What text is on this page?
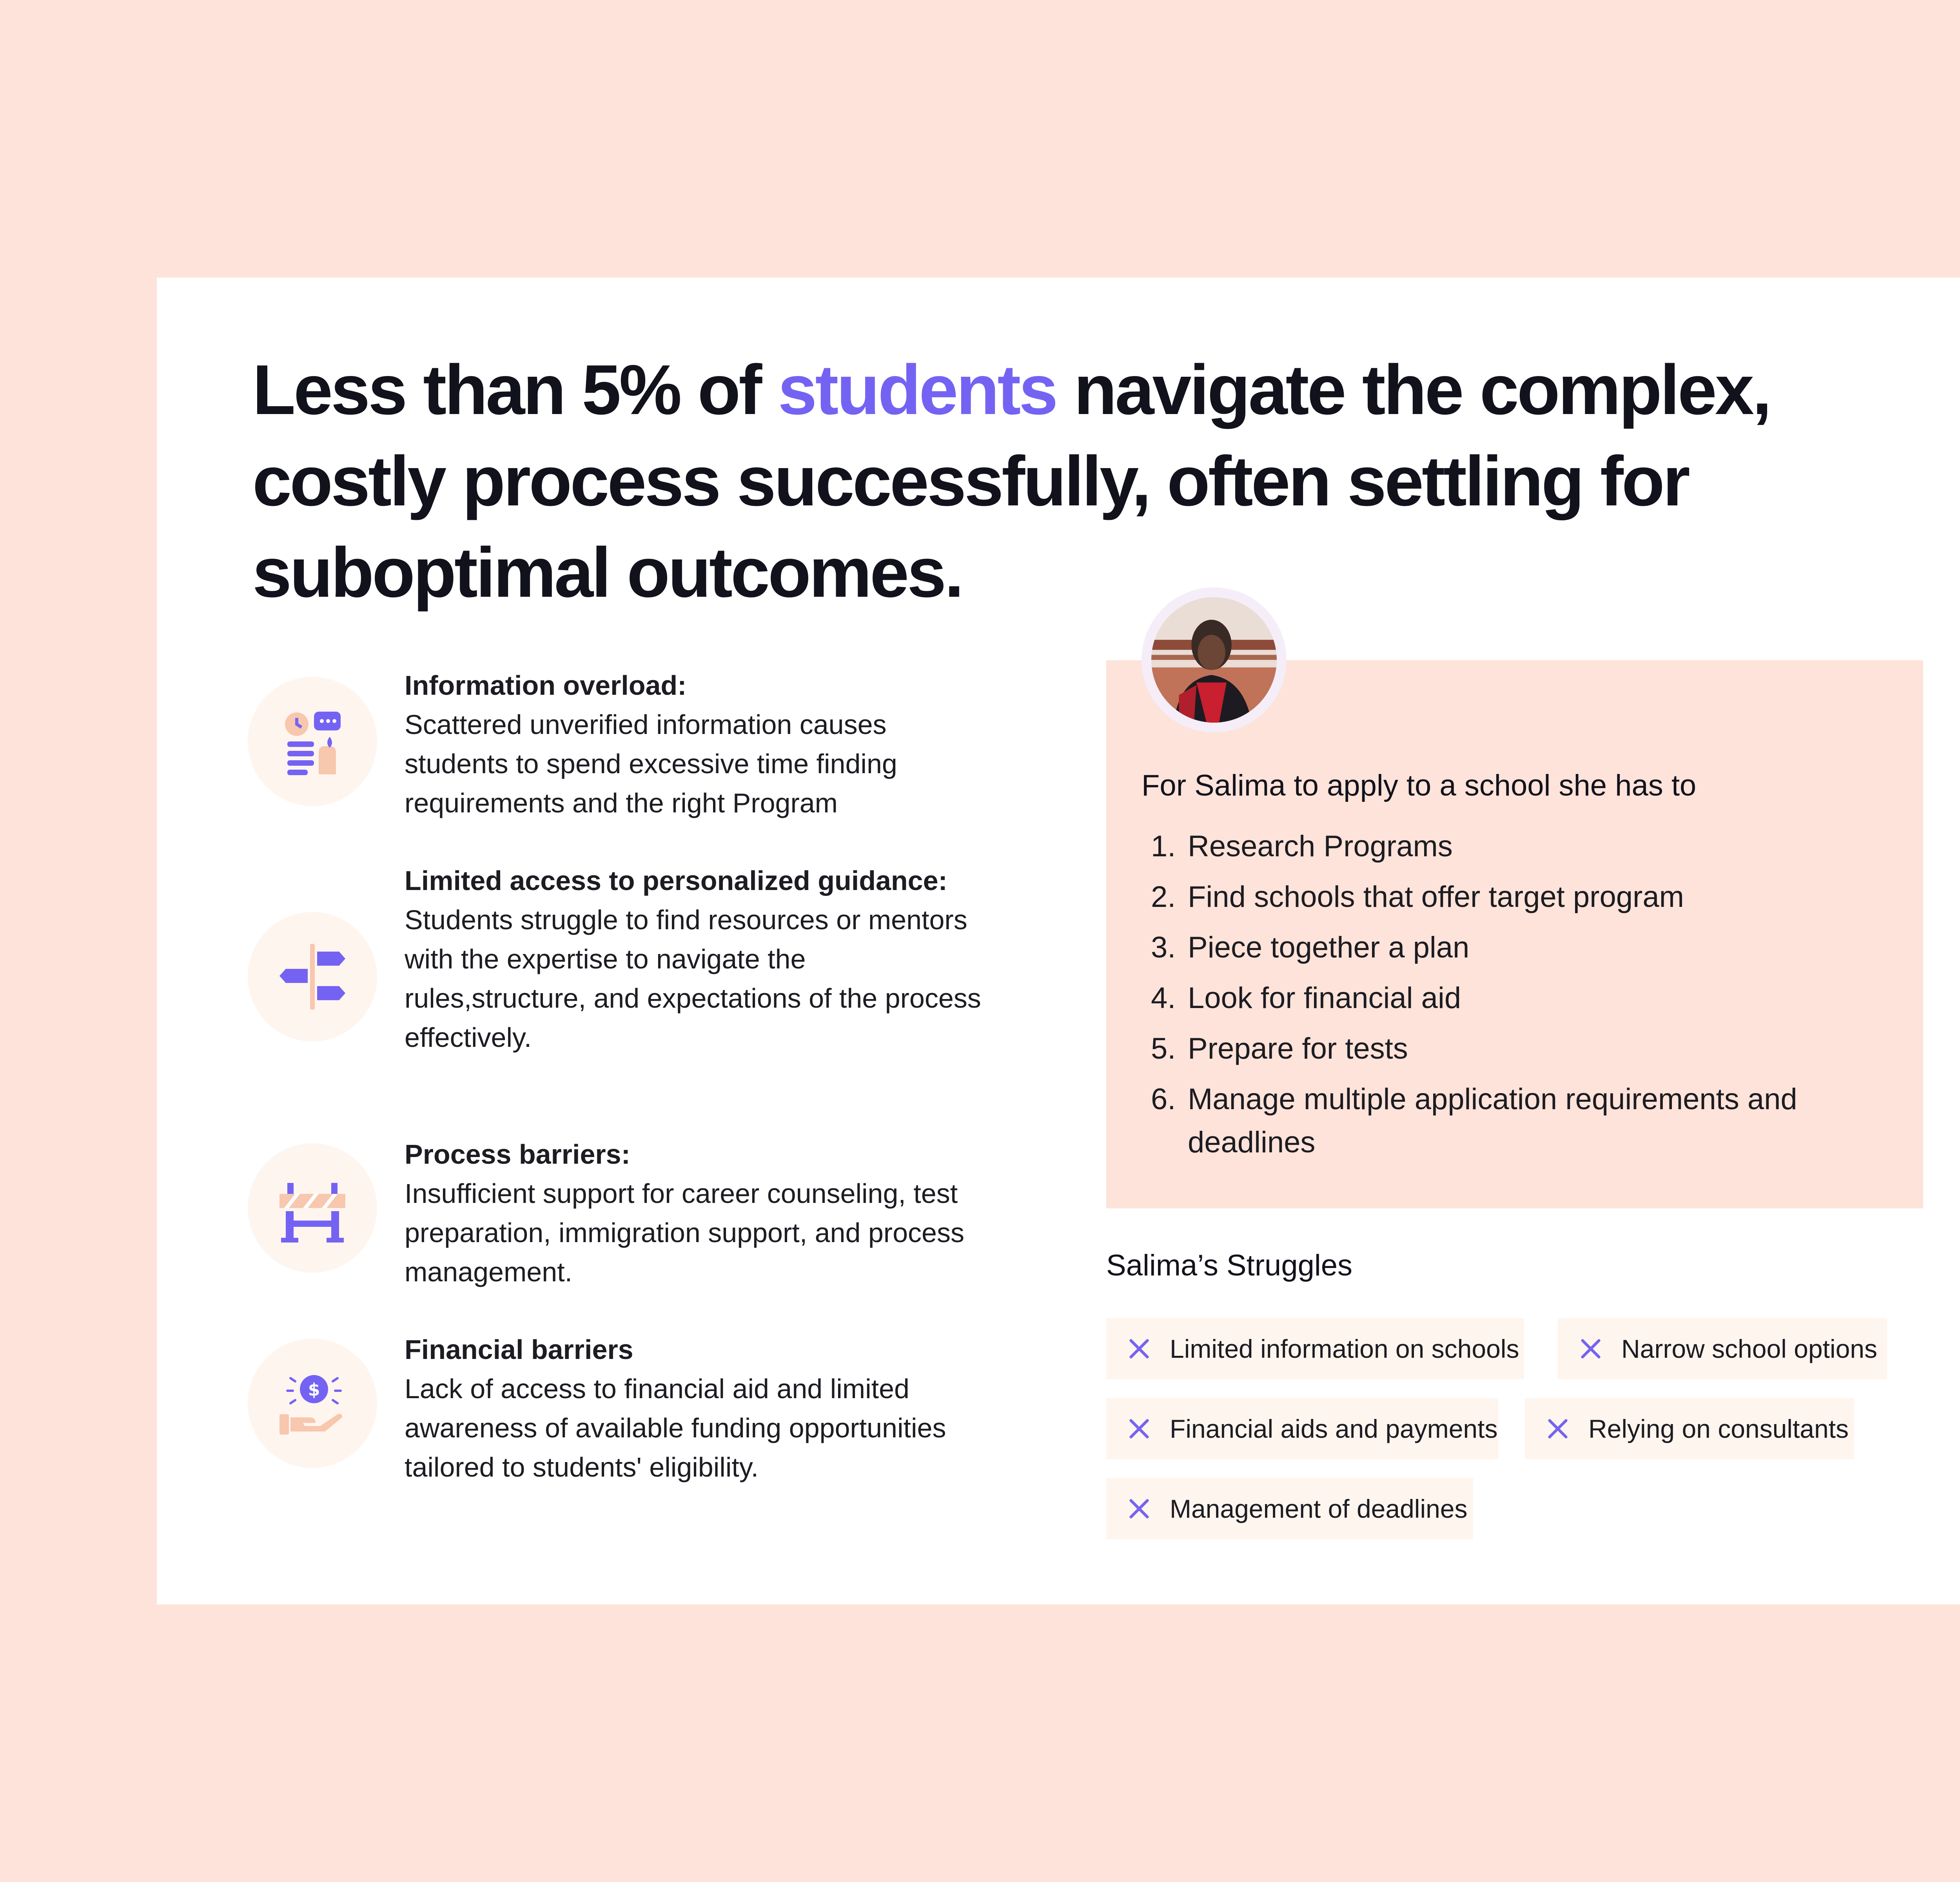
Less than 5% of students navigate the complex, costly process successfully, often settling for suboptimal outcomes.
Information overload:
Scattered unverified information causes students to spend excessive time finding requirements and the right Program
Limited access to personalized guidance:
Students struggle to find resources or mentors with the expertise to navigate the rules,structure, and expectations of the process effectively.
Process barriers:
Insufficient support for career counseling, test preparation, immigration support, and process management.
$
Financial barriers
Lack of access to financial aid and limited awareness of available funding opportunities tailored to students' eligibility.
For Salima to apply to a school she has to
1. Research Programs
2. Find schools that offer target program
3. Piece together a plan
4. Look for financial aid
5. Prepare for tests
6. Manage multiple application requirements and deadlines
Salima’s Struggles
Limited information on schools	Narrow school options
Financial aids and payments	Relying on consultants
Management of deadlines
